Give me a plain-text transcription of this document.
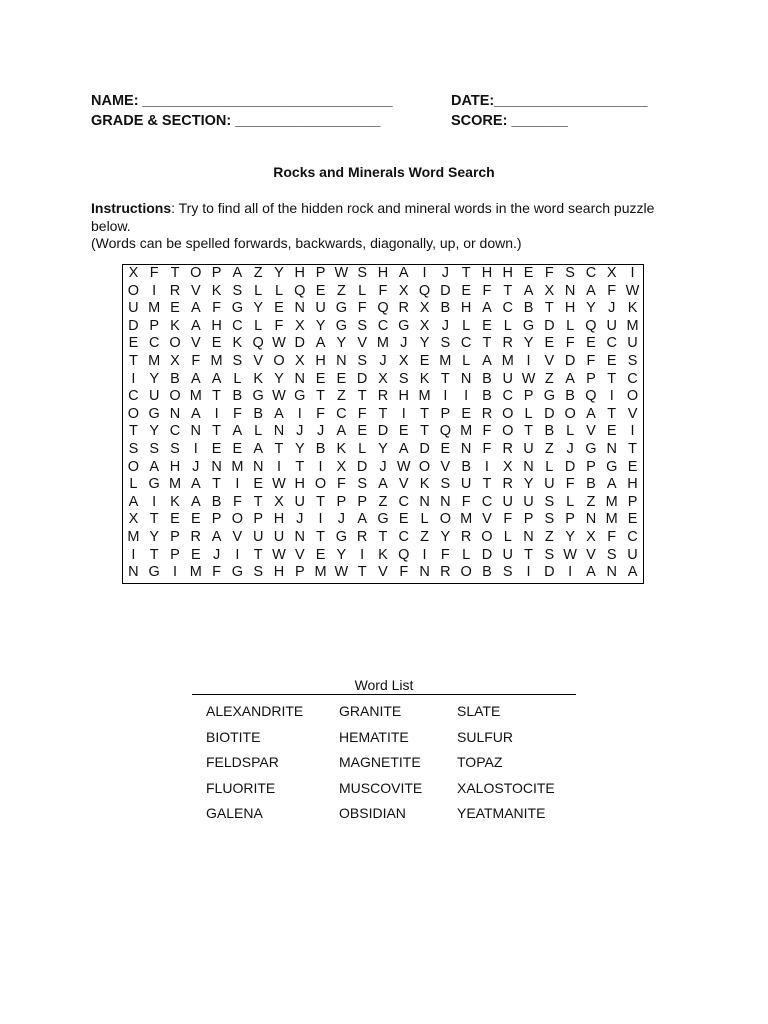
NAME: _______________________________	DATE:___________________
GRADE & SECTION: __________________	SCORE: _______
Rocks and Minerals Word Search
Instructions: Try to find all of the hidden rock and mineral words in the word search puzzle below.
(Words can be spelled forwards, backwards, diagonally, up, or down.)
X F T O P A Z Y H P W S H A I	J T H H E F S C X I
O I R V K S L L Q E Z L F X Q D E F T A X N A F W
U M E A F G Y E N U G F Q R X B H A C B T H Y J K
D P K A H C L F X Y G S C G X J L E L G D L Q U M
E C O V E K Q W D A Y V M J Y S C T R Y E F E C U
T M X F M S V O X H N S J X E M L A M I V D F E S
I Y B A A L K Y N E E D X S K T N B U W Z A P T C
C U O M T B G W G T Z T R H M I	I B C P G B Q I O
O G N A I F B A I F C F T I T P E R O L D O A T V
T Y C N T A L N J J A E D E T Q M F O T B L V E I
S S S I E E A T Y B K L Y A D E N F R U Z J G N T
O A H J N M N I T I X D J W O V B I X N L D P G E
L G M A T I E W H O F S A V K S U T R Y U F B A H
A I K A B F T X U T P P Z C N N F C U U S L Z M P
X T E E P O P H J	I	J A G E L O M V F P S P N M E
M Y P R A V U U N T G R T C Z Y R O L N Z Y X F C
I T P E J	I T W V E Y I K Q I F L D U T S W V S U
N G I M F G S H P M W T V F N R O B S I D I A N A
Word List
ALEXANDRITE
BIOTITE
FELDSPAR
FLUORITE
GALENA
GRANITE
HEMATITE
MAGNETITE
MUSCOVITE
OBSIDIAN
SLATE
SULFUR
TOPAZ
XALOSTOCITE
YEATMANITE
